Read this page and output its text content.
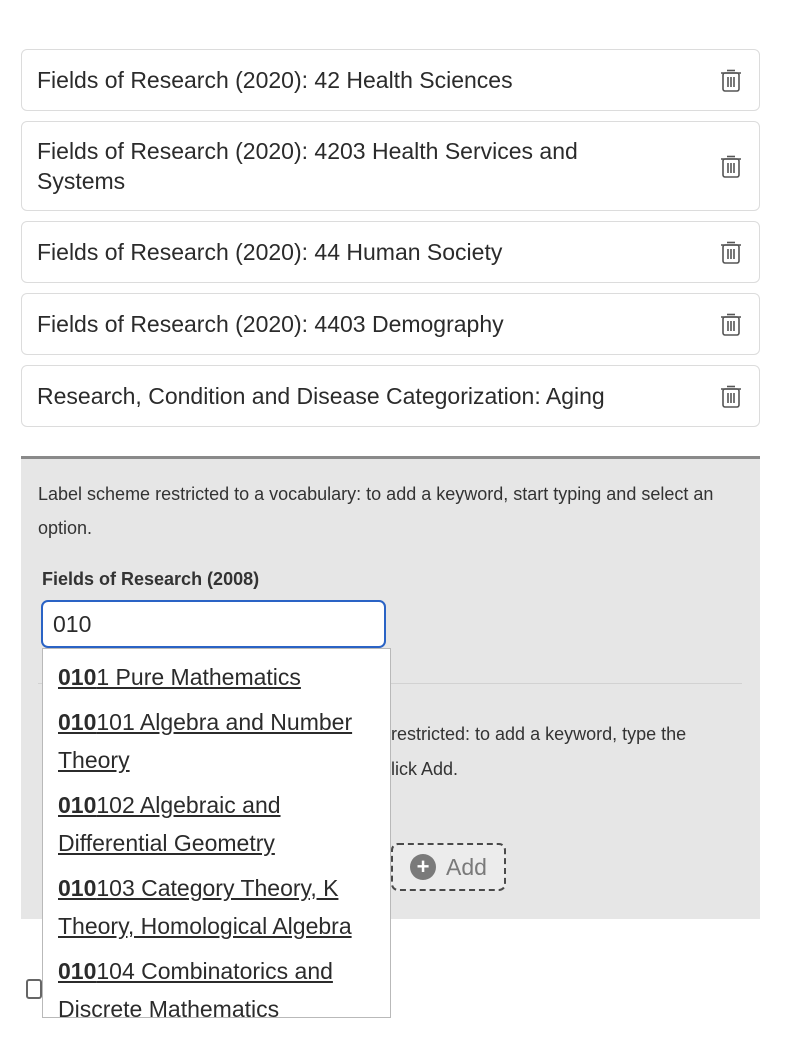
Fields of Research (2020): 42 Health Sciences
Fields of Research (2020): 4203 Health Services and Systems
Fields of Research (2020): 44 Human Society
Fields of Research (2020): 4403 Demography
Research, Condition and Disease Categorization: Aging
Label scheme restricted to a vocabulary: to add a keyword, start typing and select an option.
Fields of Research (2008)
010
restricted: to add a keyword, type the
lick Add.
+ Add
0101 Pure Mathematics
010101 Algebra and Number Theory
010102 Algebraic and Differential Geometry
010103 Category Theory, K Theory, Homological Algebra
010104 Combinatorics and Discrete Mathematics
